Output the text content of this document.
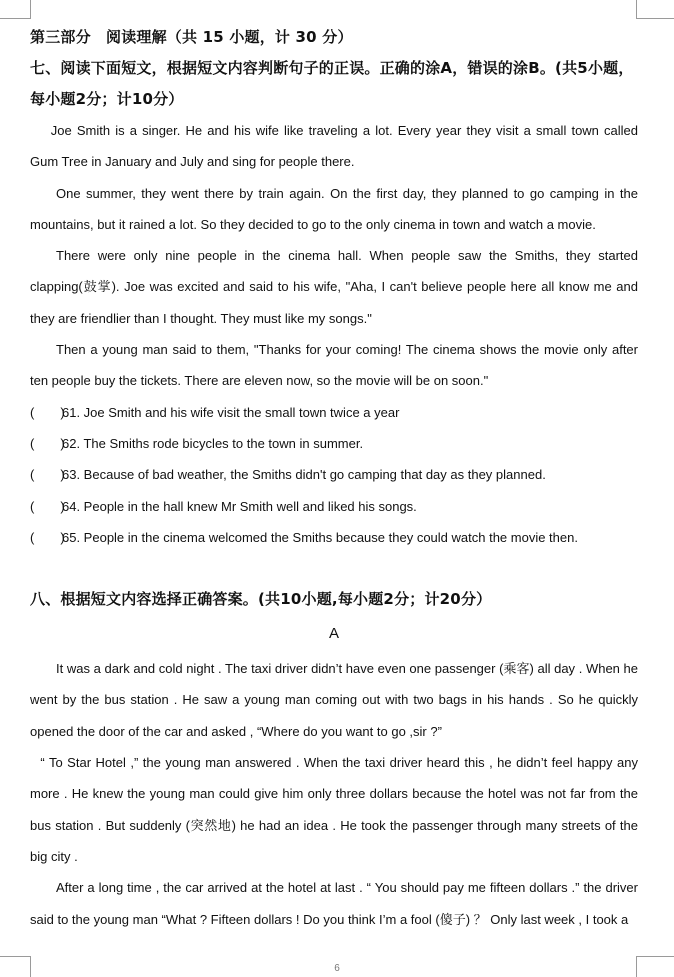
第三部分　阅读理解（共 15 小题，计 30 分）

七、阅读下面短文，根据短文内容判断句子的正误。正确的涂A，错误的涂B。(共5小题，每小题2分；计10分）

Joe Smith is a singer. He and his wife like traveling a lot. Every year they visit a small town called Gum Tree in January and July and sing for people there.

One summer, they went there by train again. On the first day, they planned to go camping in the mountains, but it rained a lot. So they decided to go to the only cinema in town and watch a movie.

There were only nine people in the cinema hall. When people saw the Smiths, they started clapping(鼓掌). Joe was excited and said to his wife, "Aha, I can't believe people here all know me and they are friendlier than I thought. They must like my songs."

Then a young man said to them, "Thanks for your coming! The cinema shows the movie only after ten people buy the tickets. There are eleven now, so the movie will be on soon."

(　　)61. Joe Smith and his wife visit the small town twice a year

(　　)62. The Smiths rode bicycles to the town in summer.

(　　)63. Because of bad weather, the Smiths didn't go camping that day as they planned.

(　　)64. People in the hall knew Mr Smith well and liked his songs.

(　　)65. People in the cinema welcomed the Smiths because they could watch the movie then.

八、根据短文内容选择正确答案。(共10小题,每小题2分；计20分）

A

It was a dark and cold night . The taxi driver didn’t have even one passenger (乘客) all day . When he went by the bus station . He saw a young man coming out with two bags in his hands . So he quickly opened the door of the car and asked , “Where do you want to go ,sir ?”

“ To Star Hotel ,” the young man answered . When the taxi driver heard this , he didn’t feel happy any more . He knew the young man could give him only three dollars because the hotel was not far from the bus station . But suddenly (突然地) he had an idea . He took the passenger through many streets of the big city .

After a long time , the car arrived at the hotel at last . “ You should pay me fifteen dollars .” the driver said to the young man “What ? Fifteen dollars ! Do you think I’m a fool (傻子) ？ Only last week , I took a

6
